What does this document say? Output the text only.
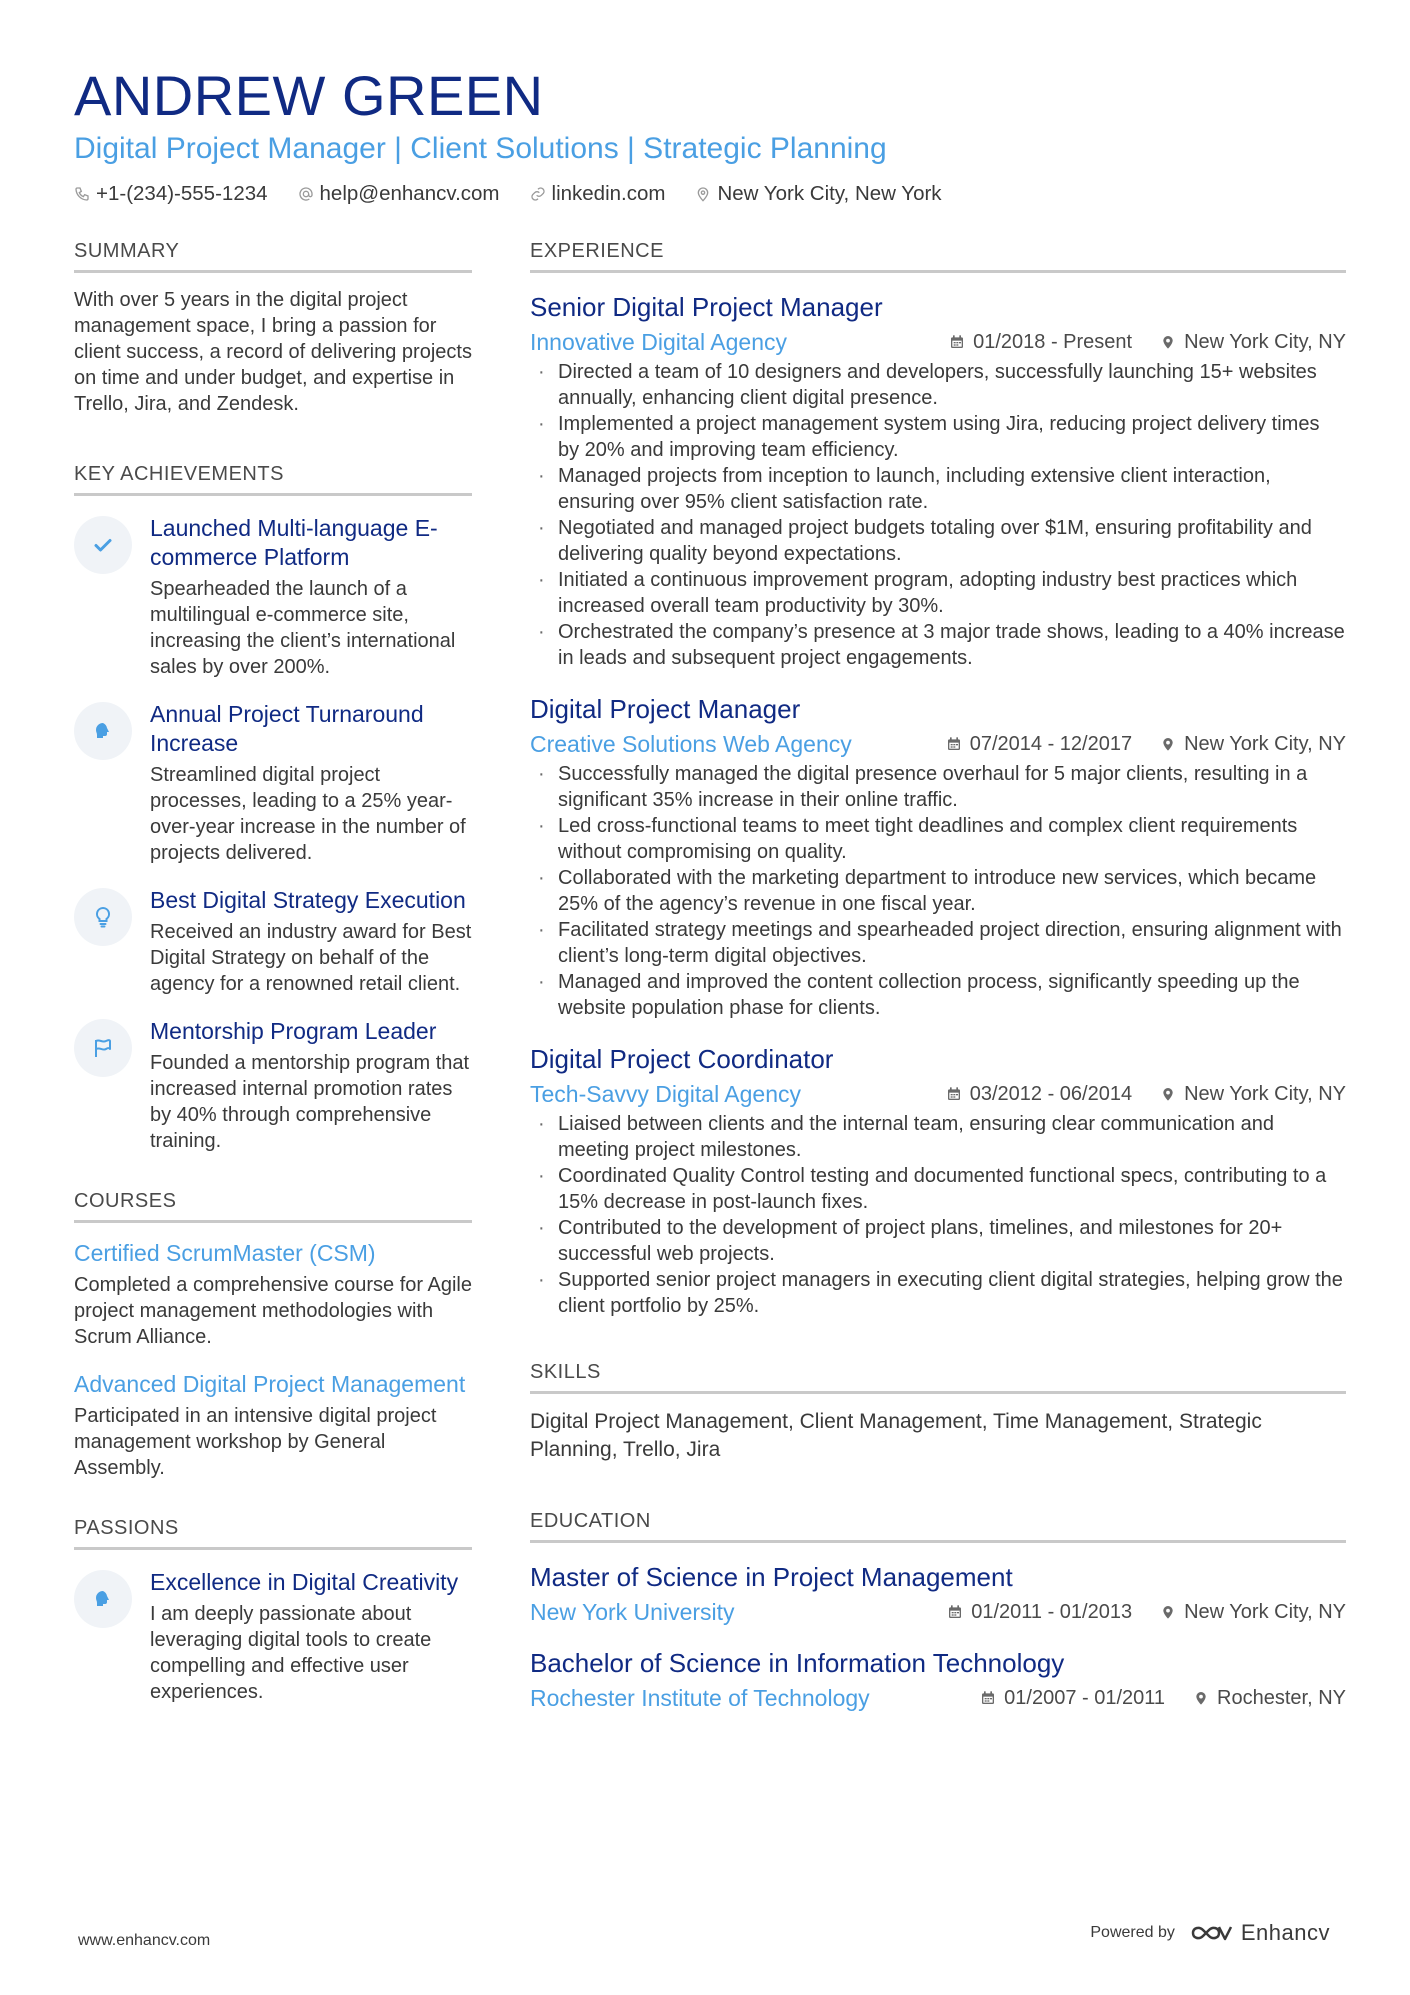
ANDREW GREEN
Digital Project Manager | Client Solutions | Strategic Planning
+1-(234)-555-1234	help@enhancv.com	linkedin.com	New York City, New York
SUMMARY
With over 5 years in the digital project management space, I bring a passion for client success, a record of delivering projects on time and under budget, and expertise in Trello, Jira, and Zendesk.
KEY ACHIEVEMENTS
Launched Multi-language E-commerce Platform
Spearheaded the launch of a multilingual e-commerce site, increasing the client’s international sales by over 200%.
Annual Project Turnaround Increase
Streamlined digital project processes, leading to a 25% year-over-year increase in the number of projects delivered.
Best Digital Strategy Execution
Received an industry award for Best Digital Strategy on behalf of the agency for a renowned retail client.
Mentorship Program Leader
Founded a mentorship program that increased internal promotion rates by 40% through comprehensive training.
COURSES
Certified ScrumMaster (CSM)
Completed a comprehensive course for Agile project management methodologies with Scrum Alliance.
Advanced Digital Project Management
Participated in an intensive digital project management workshop by General Assembly.
PASSIONS
Excellence in Digital Creativity
I am deeply passionate about leveraging digital tools to create compelling and effective user experiences.
EXPERIENCE
Senior Digital Project Manager
Innovative Digital Agency	01/2018 - Present	New York City, NY
· Directed a team of 10 designers and developers, successfully launching 15+ websites annually, enhancing client digital presence.
· Implemented a project management system using Jira, reducing project delivery times by 20% and improving team efficiency.
· Managed projects from inception to launch, including extensive client interaction, ensuring over 95% client satisfaction rate.
· Negotiated and managed project budgets totaling over $1M, ensuring profitability and delivering quality beyond expectations.
· Initiated a continuous improvement program, adopting industry best practices which increased overall team productivity by 30%.
· Orchestrated the company’s presence at 3 major trade shows, leading to a 40% increase in leads and subsequent project engagements.
Digital Project Manager
Creative Solutions Web Agency	07/2014 - 12/2017	New York City, NY
· Successfully managed the digital presence overhaul for 5 major clients, resulting in a significant 35% increase in their online traffic.
· Led cross-functional teams to meet tight deadlines and complex client requirements without compromising on quality.
· Collaborated with the marketing department to introduce new services, which became 25% of the agency’s revenue in one fiscal year.
· Facilitated strategy meetings and spearheaded project direction, ensuring alignment with client’s long-term digital objectives.
· Managed and improved the content collection process, significantly speeding up the website population phase for clients.
Digital Project Coordinator
Tech-Savvy Digital Agency	03/2012 - 06/2014	New York City, NY
· Liaised between clients and the internal team, ensuring clear communication and meeting project milestones.
· Coordinated Quality Control testing and documented functional specs, contributing to a 15% decrease in post-launch fixes.
· Contributed to the development of project plans, timelines, and milestones for 20+ successful web projects.
· Supported senior project managers in executing client digital strategies, helping grow the client portfolio by 25%.
SKILLS
Digital Project Management, Client Management, Time Management, Strategic Planning, Trello, Jira
EDUCATION
Master of Science in Project Management
New York University	01/2011 - 01/2013	New York City, NY
Bachelor of Science in Information Technology
Rochester Institute of Technology	01/2007 - 01/2011	Rochester, NY
www.enhancv.com	Powered by	Enhancv
